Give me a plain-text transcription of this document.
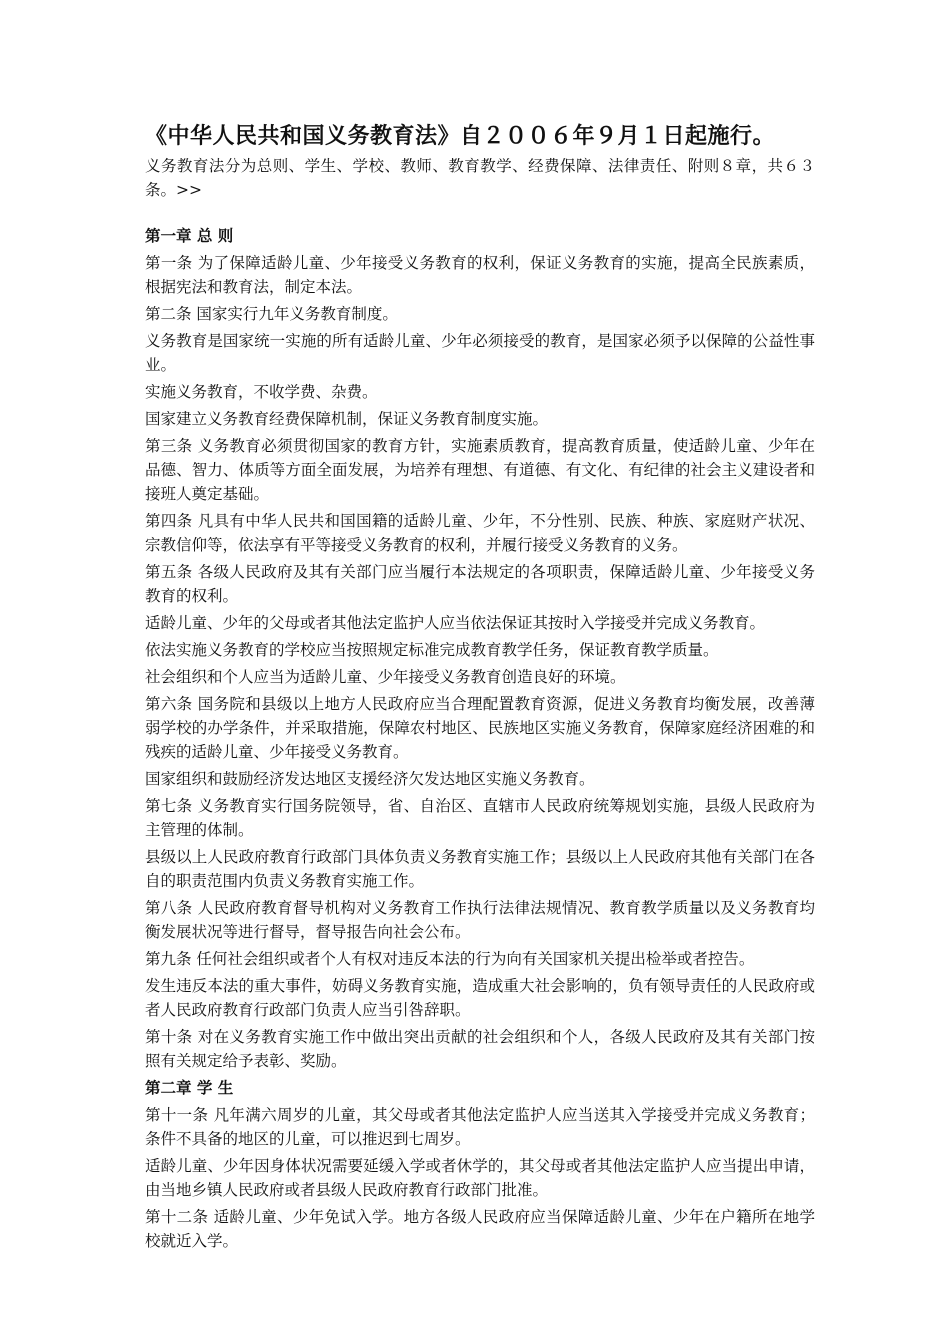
《中华人民共和国义务教育法》自２００６年９月１日起施行。

义务教育法分为总则、学生、学校、教师、教育教学、经费保障、法律责任、附则８章，共６３条。>>

第一章 总 则

第一条 为了保障适龄儿童、少年接受义务教育的权利，保证义务教育的实施，提高全民族素质，根据宪法和教育法，制定本法。

第二条 国家实行九年义务教育制度。

义务教育是国家统一实施的所有适龄儿童、少年必须接受的教育，是国家必须予以保障的公益性事业。

实施义务教育，不收学费、杂费。

国家建立义务教育经费保障机制，保证义务教育制度实施。

第三条 义务教育必须贯彻国家的教育方针，实施素质教育，提高教育质量，使适龄儿童、少年在品德、智力、体质等方面全面发展，为培养有理想、有道德、有文化、有纪律的社会主义建设者和接班人奠定基础。

第四条 凡具有中华人民共和国国籍的适龄儿童、少年，不分性别、民族、种族、家庭财产状况、宗教信仰等，依法享有平等接受义务教育的权利，并履行接受义务教育的义务。

第五条 各级人民政府及其有关部门应当履行本法规定的各项职责，保障适龄儿童、少年接受义务教育的权利。

适龄儿童、少年的父母或者其他法定监护人应当依法保证其按时入学接受并完成义务教育。

依法实施义务教育的学校应当按照规定标准完成教育教学任务，保证教育教学质量。

社会组织和个人应当为适龄儿童、少年接受义务教育创造良好的环境。

第六条 国务院和县级以上地方人民政府应当合理配置教育资源，促进义务教育均衡发展，改善薄弱学校的办学条件，并采取措施，保障农村地区、民族地区实施义务教育，保障家庭经济困难的和残疾的适龄儿童、少年接受义务教育。

国家组织和鼓励经济发达地区支援经济欠发达地区实施义务教育。

第七条 义务教育实行国务院领导，省、自治区、直辖市人民政府统筹规划实施，县级人民政府为主管理的体制。

县级以上人民政府教育行政部门具体负责义务教育实施工作；县级以上人民政府其他有关部门在各自的职责范围内负责义务教育实施工作。

第八条 人民政府教育督导机构对义务教育工作执行法律法规情况、教育教学质量以及义务教育均衡发展状况等进行督导，督导报告向社会公布。

第九条 任何社会组织或者个人有权对违反本法的行为向有关国家机关提出检举或者控告。

发生违反本法的重大事件，妨碍义务教育实施，造成重大社会影响的，负有领导责任的人民政府或者人民政府教育行政部门负责人应当引咎辞职。

第十条 对在义务教育实施工作中做出突出贡献的社会组织和个人，各级人民政府及其有关部门按照有关规定给予表彰、奖励。

第二章 学 生

第十一条 凡年满六周岁的儿童，其父母或者其他法定监护人应当送其入学接受并完成义务教育；条件不具备的地区的儿童，可以推迟到七周岁。

适龄儿童、少年因身体状况需要延缓入学或者休学的，其父母或者其他法定监护人应当提出申请，由当地乡镇人民政府或者县级人民政府教育行政部门批准。

第十二条 适龄儿童、少年免试入学。地方各级人民政府应当保障适龄儿童、少年在户籍所在地学校就近入学。
